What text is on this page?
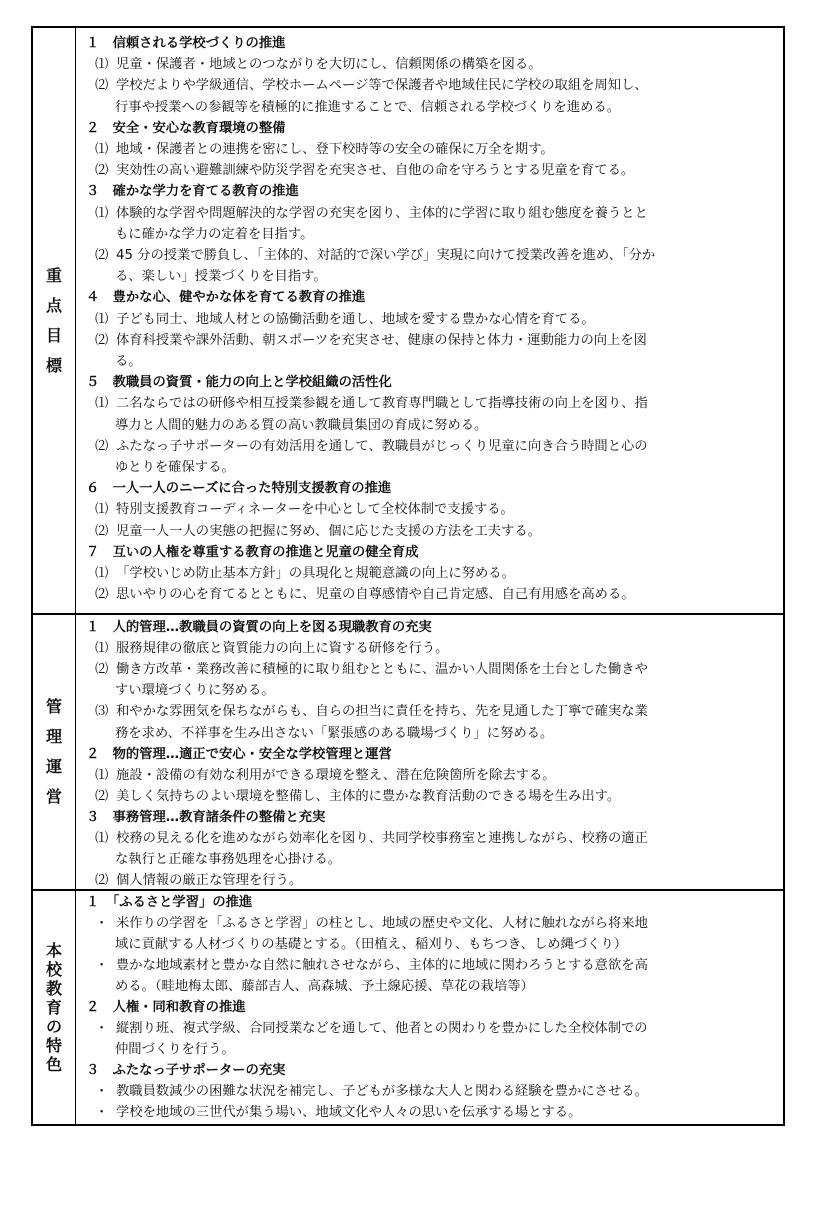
重
点
目
標
１　信頼される学校づくりの推進
⑴ 児童・保護者・地域とのつながりを大切にし、信頼関係の構築を図る。
⑵ 学校だよりや学級通信、学校ホームページ等で保護者や地域住民に学校の取組を周知し、
行事や授業への参観等を積極的に推進することで、信頼される学校づくりを進める。
２　安全・安心な教育環境の整備
⑴ 地域・保護者との連携を密にし、登下校時等の安全の確保に万全を期す。
⑵ 実効性の高い避難訓練や防災学習を充実させ、自他の命を守ろうとする児童を育てる。
３　確かな学力を育てる教育の推進
⑴ 体験的な学習や問題解決的な学習の充実を図り、主体的に学習に取り組む態度を養うとと
もに確かな学力の定着を目指す。
⑵ 45 分の授業で勝負し、「主体的、対話的で深い学び」実現に向けて授業改善を進め、「分か
る、楽しい」授業づくりを目指す。
４　豊かな心、健やかな体を育てる教育の推進
⑴ 子ども同士、地域人材との協働活動を通し、地域を愛する豊かな心情を育てる。
⑵ 体育科授業や課外活動、朝スポーツを充実させ、健康の保持と体力・運動能力の向上を図
る。
５　教職員の資質・能力の向上と学校組織の活性化
⑴ 二名ならではの研修や相互授業参観を通して教育専門職として指導技術の向上を図り、指
導力と人間的魅力のある質の高い教職員集団の育成に努める。
⑵ ふたなっ子サポーターの有効活用を通して、教職員がじっくり児童に向き合う時間と心の
ゆとりを確保する。
６　一人一人のニーズに合った特別支援教育の推進
⑴ 特別支援教育コーディネーターを中心として全校体制で支援する。
⑵ 児童一人一人の実態の把握に努め、個に応じた支援の方法を工夫する。
７　互いの人権を尊重する教育の推進と児童の健全育成
⑴ 「学校いじめ防止基本方針」の具現化と規範意識の向上に努める。
⑵ 思いやりの心を育てるとともに、児童の自尊感情や自己肯定感、自己有用感を高める。
管
理
運
営
１　人的管理…教職員の資質の向上を図る現職教育の充実
⑴ 服務規律の徹底と資質能力の向上に資する研修を行う。
⑵ 働き方改革・業務改善に積極的に取り組むとともに、温かい人間関係を土台とした働きや
すい環境づくりに努める。
⑶ 和やかな雰囲気を保ちながらも、自らの担当に責任を持ち、先を見通した丁寧で確実な業
務を求め、不祥事を生み出さない「緊張感のある職場づくり」に努める。
２　物的管理…適正で安心・安全な学校管理と運営
⑴ 施設・設備の有効な利用ができる環境を整え、潜在危険箇所を除去する。
⑵ 美しく気持ちのよい環境を整備し、主体的に豊かな教育活動のできる場を生み出す。
３　事務管理…教育諸条件の整備と充実
⑴ 校務の見える化を進めながら効率化を図り、共同学校事務室と連携しながら、校務の適正
な執行と正確な事務処理を心掛ける。
⑵ 個人情報の厳正な管理を行う。
本
校
教
育
の
特
色
１　「ふるさと学習」の推進
・ 米作りの学習を「ふるさと学習」の柱とし、地域の歴史や文化、人材に触れながら将来地
域に貢献する人材づくりの基礎とする。（田植え、稲刈り、もちつき、しめ縄づくり）
・ 豊かな地域素材と豊かな自然に触れさせながら、主体的に地域に関わろうとする意欲を高
める。（畦地梅太郎、藤部吉人、高森城、予土線応援、草花の栽培等）
２　人権・同和教育の推進
・ 縦割り班、複式学級、合同授業などを通して、他者との関わりを豊かにした全校体制での
仲間づくりを行う。
３　ふたなっ子サポーターの充実
・ 教職員数減少の困難な状況を補完し、子どもが多様な大人と関わる経験を豊かにさせる。
・ 学校を地域の三世代が集う場い、地域文化や人々の思いを伝承する場とする。
